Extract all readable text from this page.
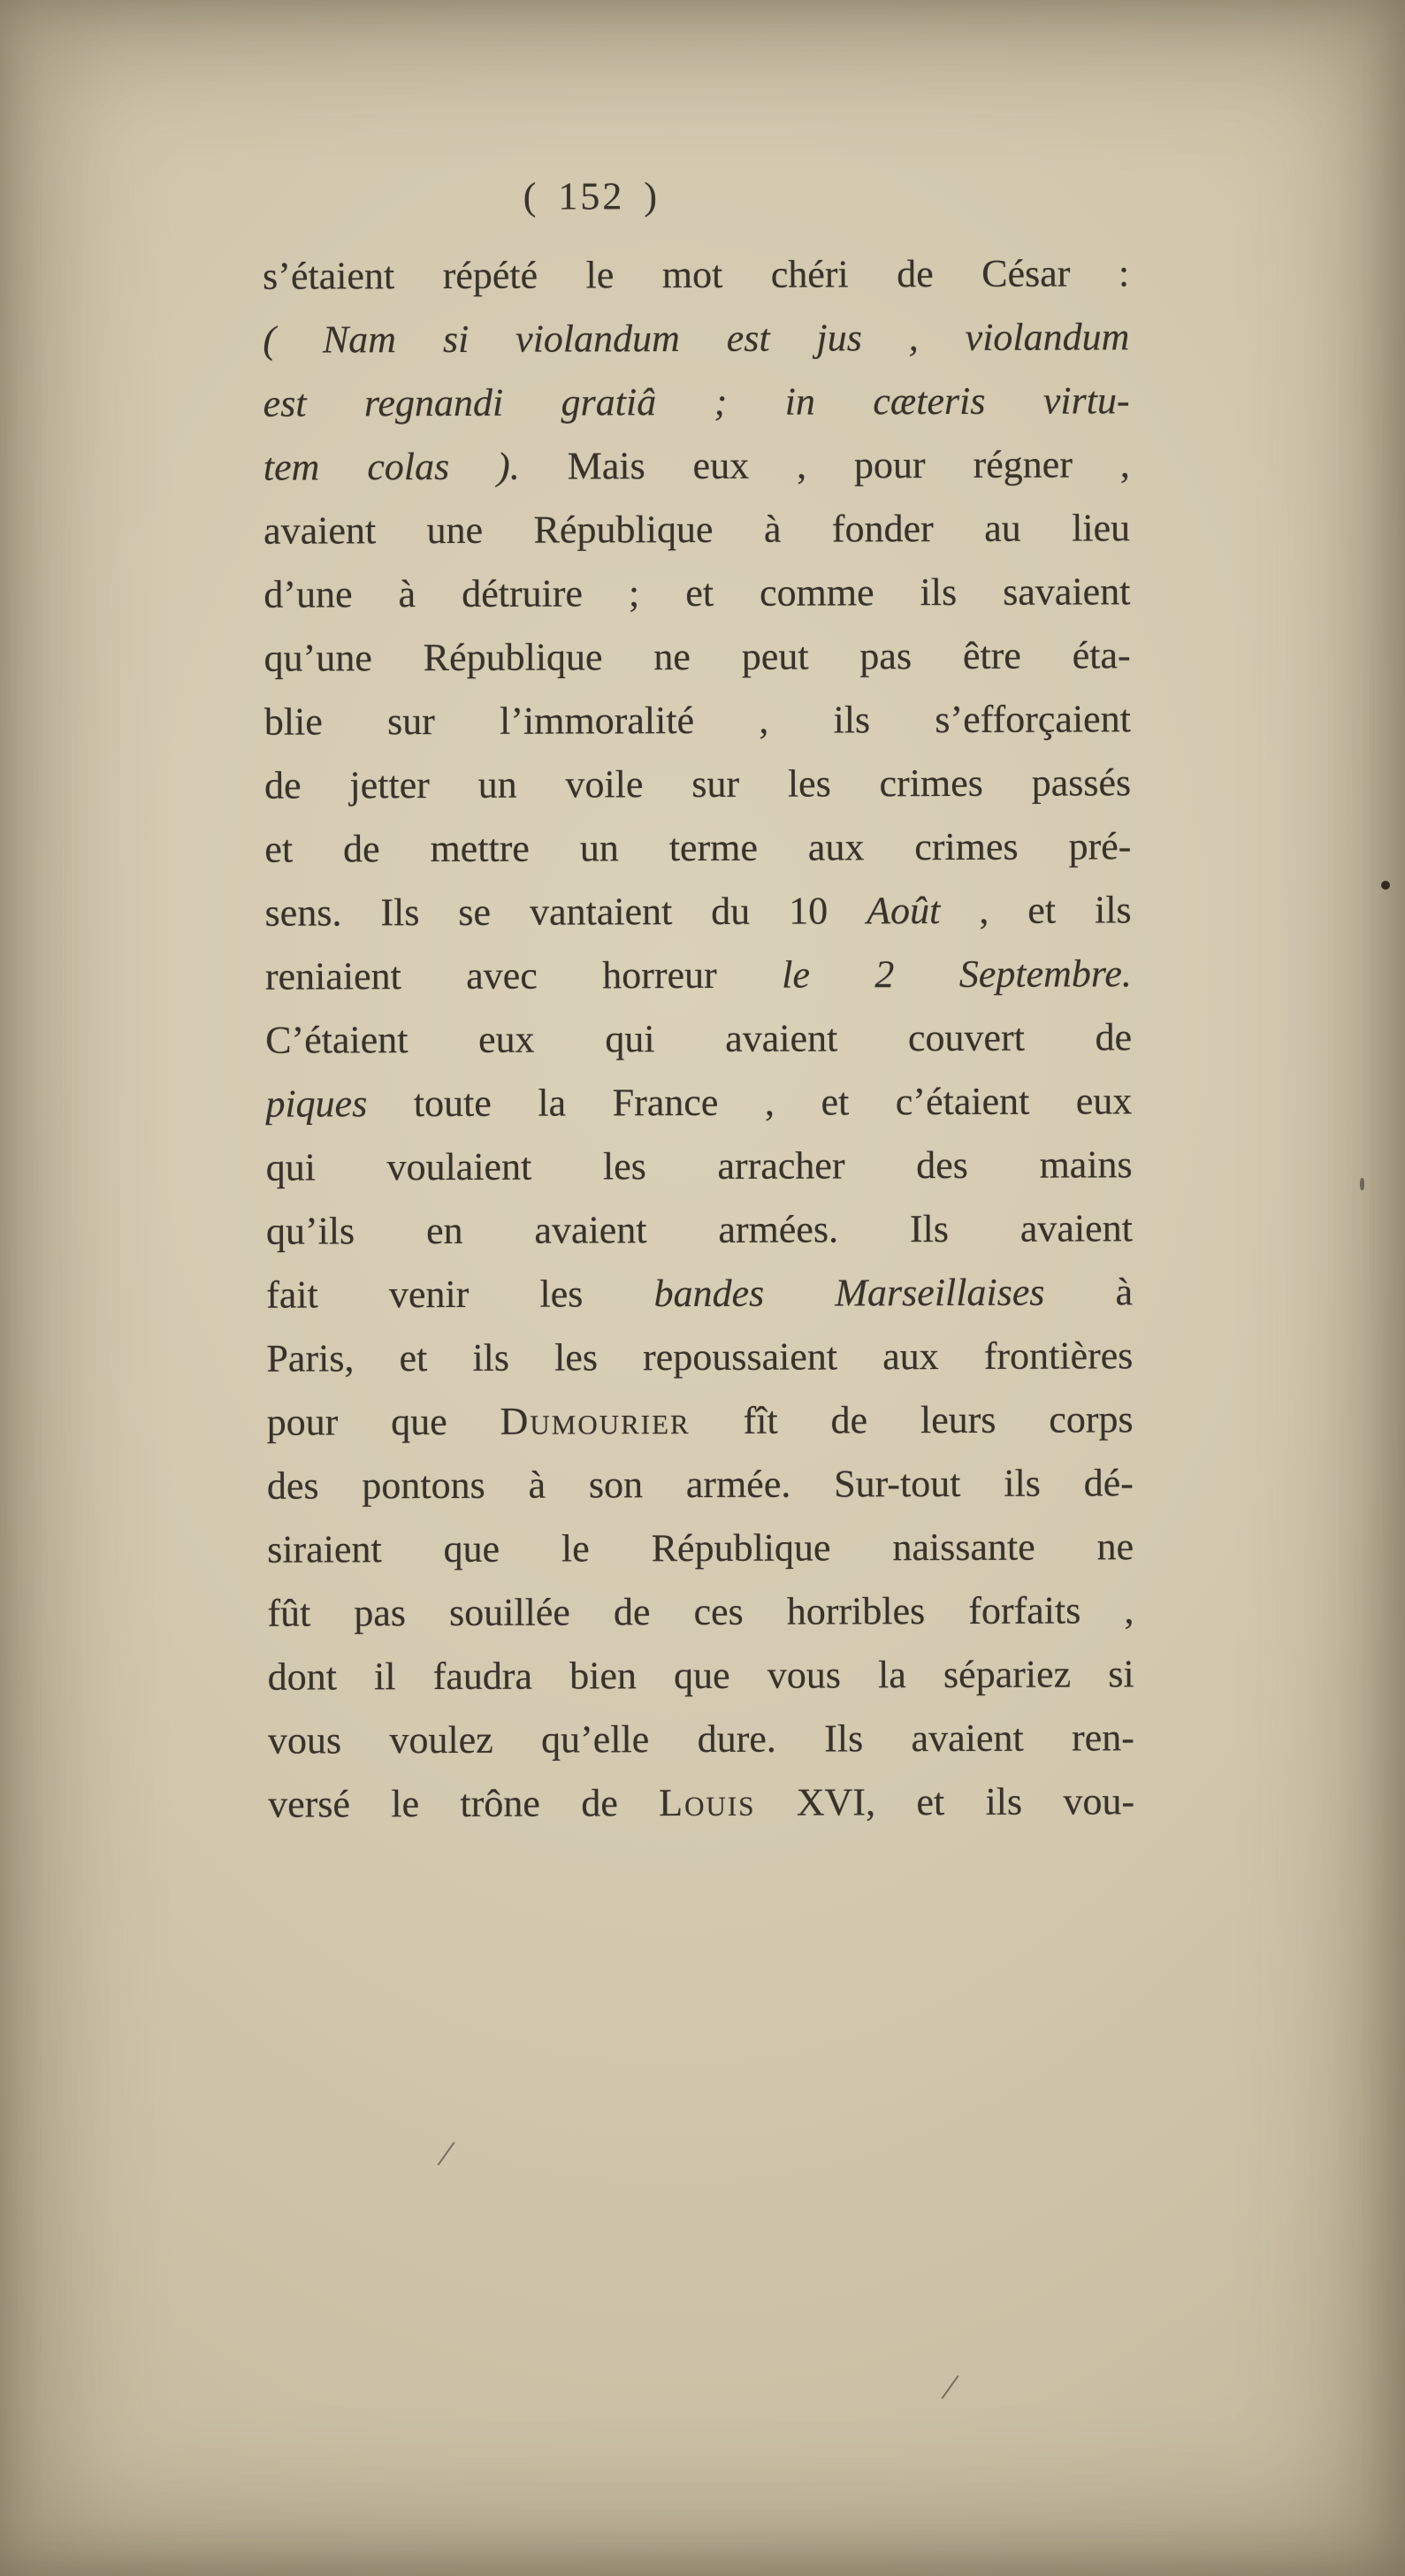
( 152 )
s’étaient répété le mot chéri de César :
( Nam si violandum est jus , violandum
est regnandi gratiâ ; in cæteris virtu-
tem colas ). Mais eux , pour régner ,
avaient une République à fonder au lieu
d’une à détruire ; et comme ils savaient
qu’une République ne peut pas être éta-
blie sur l’immoralité , ils s’efforçaient
de jetter un voile sur les crimes passés
et de mettre un terme aux crimes pré-
sens. Ils se vantaient du 10 Août , et ils
reniaient avec horreur le 2 Septembre.
C’étaient eux qui avaient couvert de
piques toute la France , et c’étaient eux
qui voulaient les arracher des mains
qu’ils en avaient armées. Ils avaient
fait venir les bandes Marseillaises à
Paris, et ils les repoussaient aux frontières
pour que Dumourier fît de leurs corps
des pontons à son armée. Sur-tout ils dé-
siraient que le République naissante ne
fût pas souillée de ces horribles forfaits ,
dont il faudra bien que vous la sépariez si
vous voulez qu’elle dure. Ils avaient ren-
versé le trône de Louis XVI, et ils vou-
/
/
